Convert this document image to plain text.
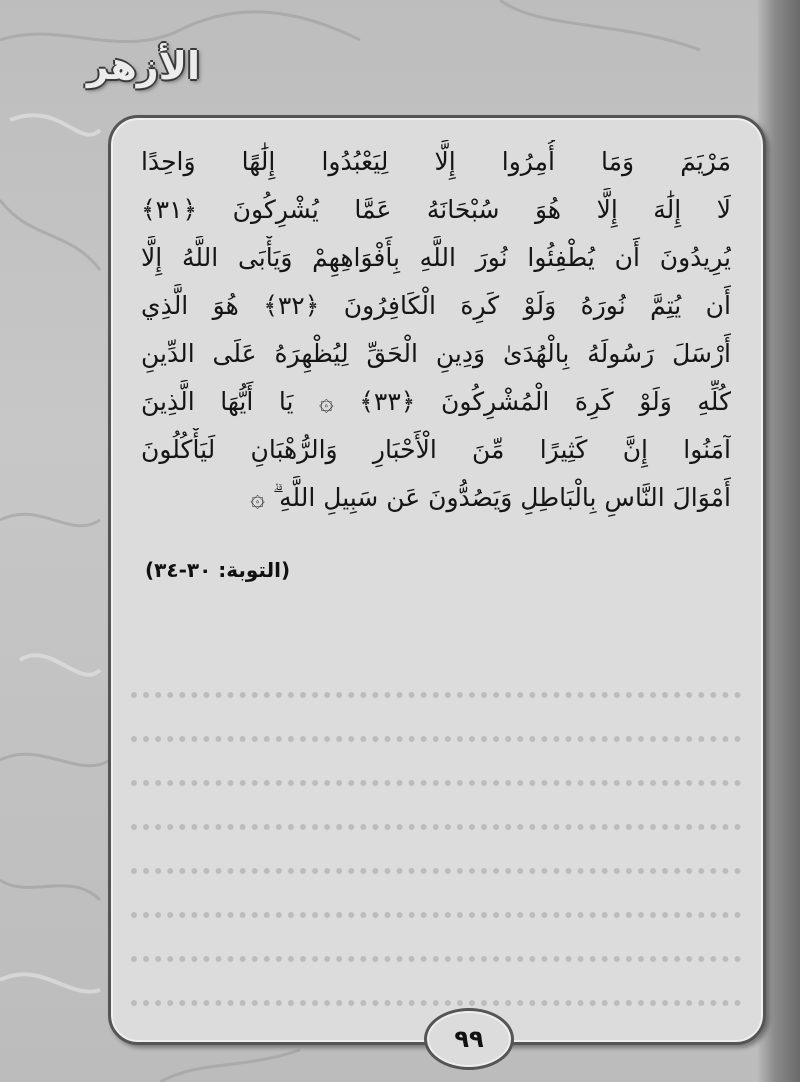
الأزهر
مَرْيَمَ وَمَا أُمِرُوا إِلَّا لِيَعْبُدُوا إِلَٰهًا وَاحِدًا
لَا إِلَٰهَ إِلَّا هُوَ سُبْحَانَهُ عَمَّا يُشْرِكُونَ ﴿٣١﴾
يُرِيدُونَ أَن يُطْفِئُوا نُورَ اللَّهِ بِأَفْوَاهِهِمْ وَيَأْبَى اللَّهُ إِلَّا
أَن يُتِمَّ نُورَهُ وَلَوْ كَرِهَ الْكَافِرُونَ ﴿٣٢﴾ هُوَ الَّذِي
أَرْسَلَ رَسُولَهُ بِالْهُدَىٰ وَدِينِ الْحَقِّ لِيُظْهِرَهُ عَلَى الدِّينِ
كُلِّهِ وَلَوْ كَرِهَ الْمُشْرِكُونَ ﴿٣٣﴾ ۞ يَا أَيُّهَا الَّذِينَ
آمَنُوا إِنَّ كَثِيرًا مِّنَ الْأَحْبَارِ وَالرُّهْبَانِ لَيَأْكُلُونَ
أَمْوَالَ النَّاسِ بِالْبَاطِلِ وَيَصُدُّونَ عَن سَبِيلِ اللَّهِ ۗ ۞
(التوبة: ٣٠-٣٤)
٩٩
